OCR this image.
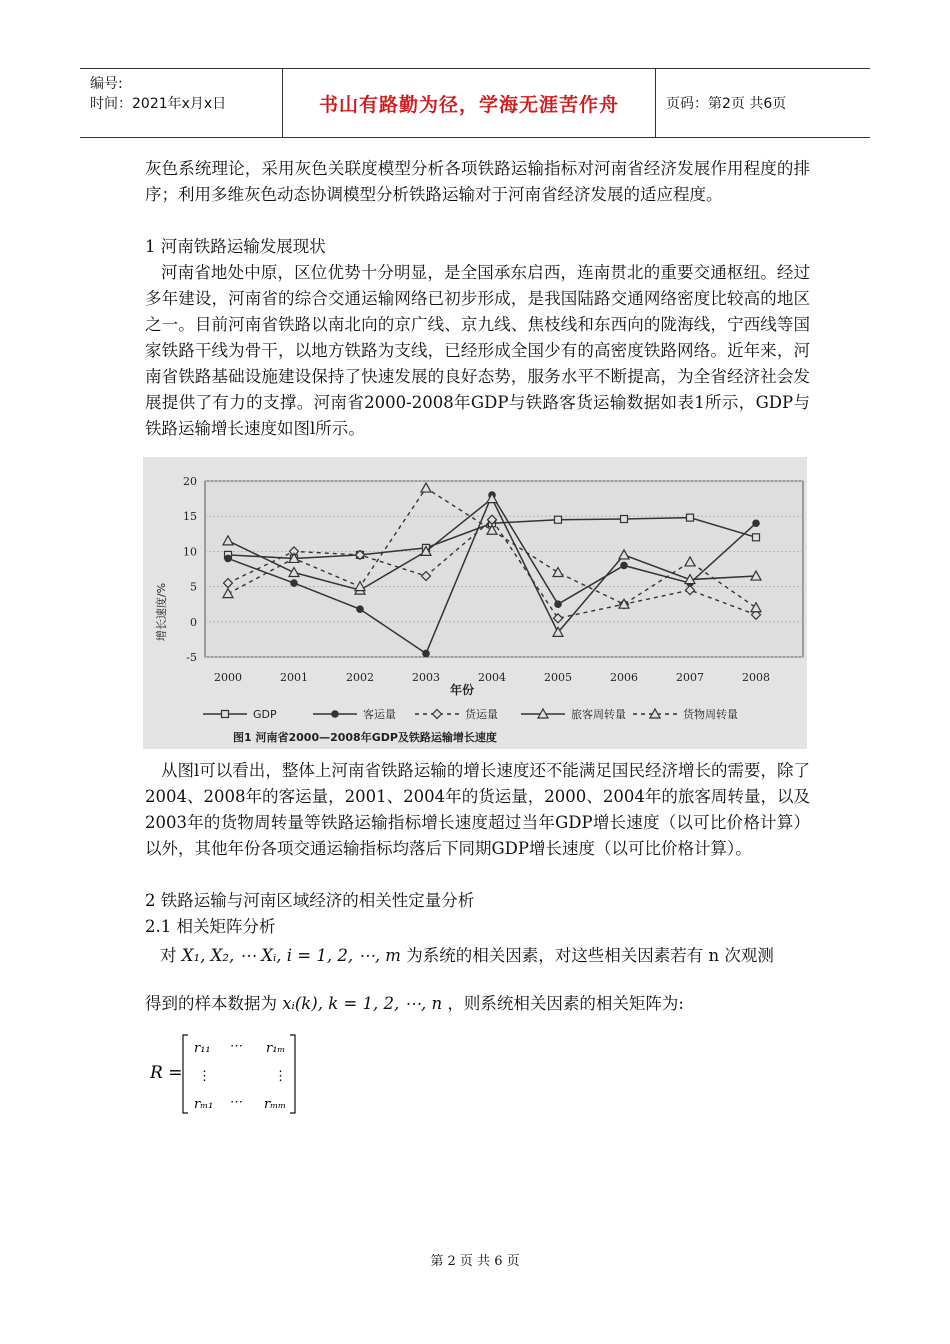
编号:
时间：2021年x月x日	书山有路勤为径，学海无涯苦作舟	页码：第2页 共6页
灰色系统理论，采用灰色关联度模型分析各项铁路运输指标对河南省经济发展作用程度的排序；利用多维灰色动态协调模型分析铁路运输对于河南省经济发展的适应程度。
1 河南铁路运输发展现状
河南省地处中原，区位优势十分明显，是全国承东启西，连南贯北的重要交通枢纽。经过多年建设，河南省的综合交通运输网络已初步形成，是我国陆路交通网络密度比较高的地区之一。目前河南省铁路以南北向的京广线、京九线、焦枝线和东西向的陇海线，宁西线等国家铁路干线为骨干，以地方铁路为支线，已经形成全国少有的高密度铁路网络。近年来，河南省铁路基础设施建设保持了快速发展的良好态势，服务水平不断提高，为全省经济社会发展提供了有力的支撑。河南省2000-2008年GDP与铁路客货运输数据如表1所示，GDP与铁路运输增长速度如图l所示。
-5
0
5
10
15
20
2000	2001	2002	2003	2004	2005	2006	2007	2008
GDP	客运量	货运量	旅客周转量	货物周转量
增长速度/%
年份
图1 河南省2000—2008年GDP及铁路运输增长速度
从图l可以看出，整体上河南省铁路运输的增长速度还不能满足国民经济增长的需要，除了2004、2008年的客运量，2001、2004年的货运量，2000、2004年的旅客周转量，以及2003年的货物周转量等铁路运输指标增长速度超过当年GDP增长速度（以可比价格计算）以外，其他年份各项交通运输指标均落后下同期GDP增长速度（以可比价格计算）。
2 铁路运输与河南区域经济的相关性定量分析
2.1 相关矩阵分析
对 X₁, X₂, ⋯ Xᵢ, i = 1, 2, ⋯, m 为系统的相关因素，对这些相关因素若有 n 次观测
得到的样本数据为 xᵢ(k), k = 1, 2, ⋯, n ，则系统相关因素的相关矩阵为:
R =
r₁₁ ⋯ r₁ₘ
⋮	⋮
rₘ₁ ⋯ rₘₘ
第 2 页 共 6 页
